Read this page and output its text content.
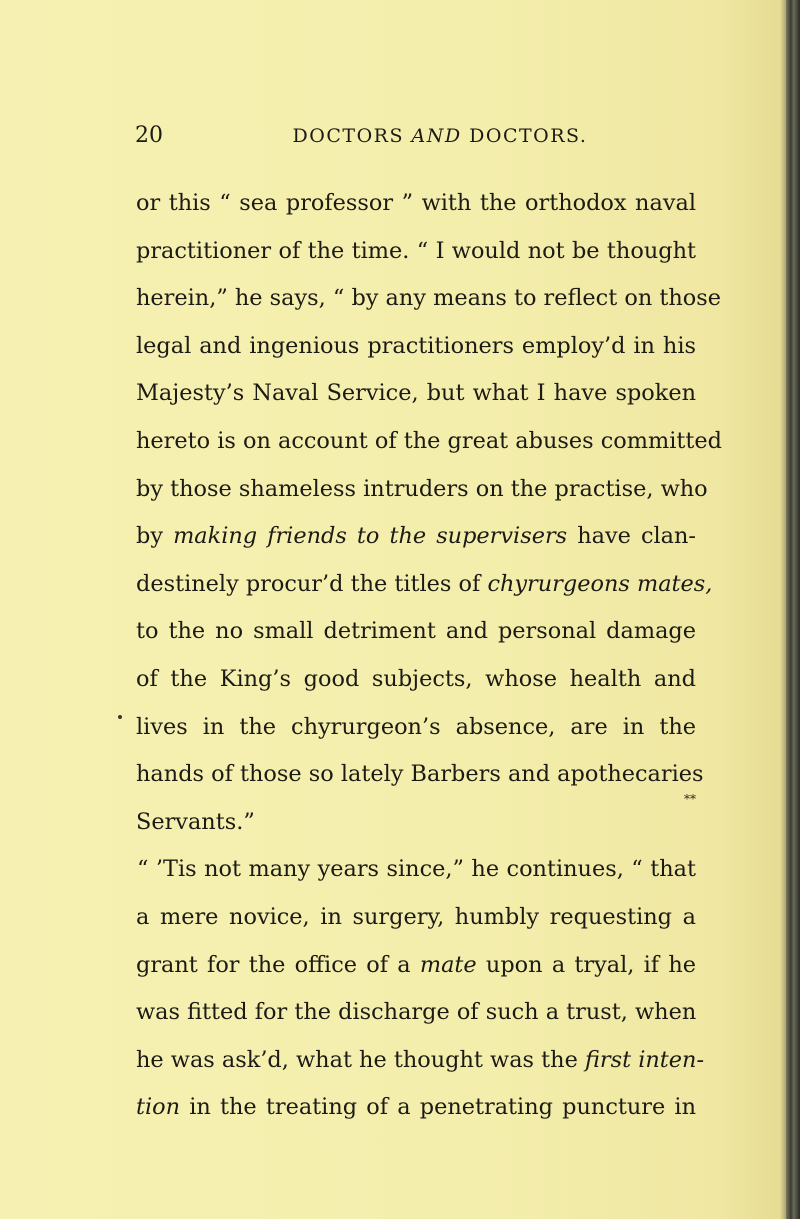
20	DOCTORS AND DOCTORS.
or this “ sea professor ” with the orthodox naval
practitioner of the time. “ I would not be thought
herein,” he says, “ by any means to reflect on those
legal and ingenious practitioners employ’d in his
Majesty’s Naval Service, but what I have spoken
hereto is on account of the great abuses committed
by those shameless intruders on the practise, who
by making friends to the supervisers have clan-
destinely procur’d the titles of chyrurgeons mates,
to the no small detriment and personal damage
of the King’s good subjects, whose health and
lives in the chyrurgeon’s absence, are in the
hands of those so lately Barbers and apothecaries
Servants.”
“ ’Tis not many years since,” he continues, “ that
a mere novice, in surgery, humbly requesting a
grant for the office of a mate upon a tryal, if he
was fitted for the discharge of such a trust, when
he was ask’d, what he thought was the first inten-
tion in the treating of a penetrating puncture in
**
